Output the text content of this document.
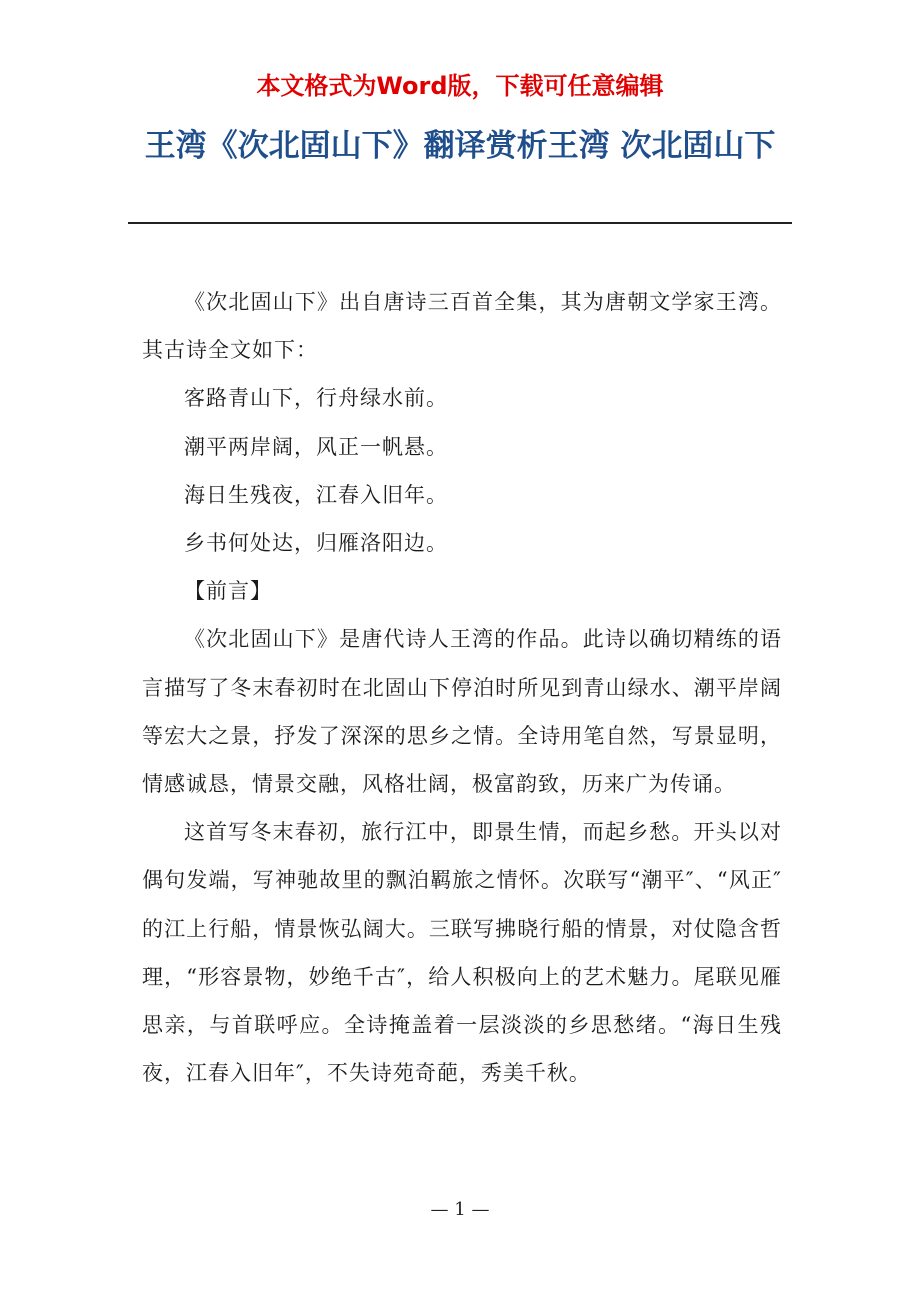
本文格式为Word版，下载可任意编辑
王湾《次北固山下》翻译赏析王湾 次北固山下

《次北固山下》出自唐诗三百首全集，其为唐朝文学家王湾。其古诗全文如下：

客路青山下，行舟绿水前。

潮平两岸阔，风正一帆悬。

海日生残夜，江春入旧年。

乡书何处达，归雁洛阳边。

【前言】

《次北固山下》是唐代诗人王湾的作品。此诗以确切精练的语言描写了冬末春初时在北固山下停泊时所见到青山绿水、潮平岸阔等宏大之景，抒发了深深的思乡之情。全诗用笔自然，写景显明，情感诚恳，情景交融，风格壮阔，极富韵致，历来广为传诵。

这首写冬末春初，旅行江中，即景生情，而起乡愁。开头以对偶句发端，写神驰故里的飘泊羁旅之情怀。次联写“潮平″、“风正″的江上行船，情景恢弘阔大。三联写拂晓行船的情景，对仗隐含哲理，“形容景物，妙绝千古″，给人积极向上的艺术魅力。尾联见雁思亲，与首联呼应。全诗掩盖着一层淡淡的乡思愁绪。“海日生残夜，江春入旧年″，不失诗苑奇葩，秀美千秋。

— 1 —
